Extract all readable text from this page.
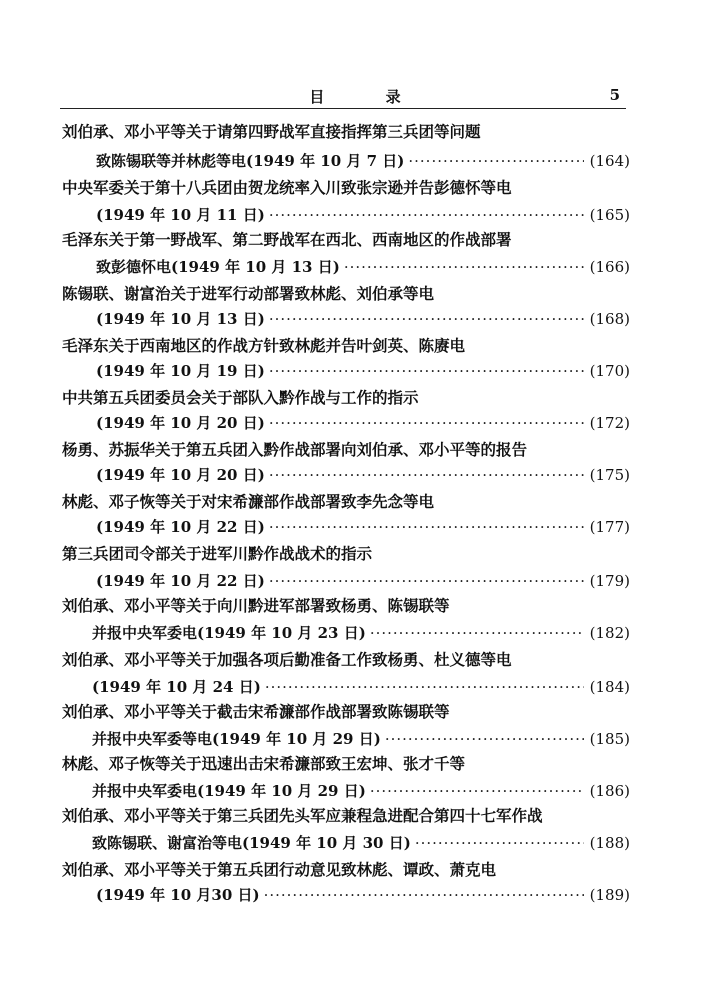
目 录	5
刘伯承、邓小平等关于请第四野战军直接指挥第三兵团等问题
致陈锡联等并林彪等电(1949 年 10 月 7 日) ·····	(164)
中央军委关于第十八兵团由贺龙统率入川致张宗逊并告彭德怀等电
(1949 年 10 月 11 日) ·····	(165)
毛泽东关于第一野战军、第二野战军在西北、西南地区的作战部署
致彭德怀电(1949 年 10 月 13 日) ·····	(166)
陈锡联、谢富治关于进军行动部署致林彪、刘伯承等电
(1949 年 10 月 13 日) ·····	(168)
毛泽东关于西南地区的作战方针致林彪并告叶剑英、陈赓电
(1949 年 10 月 19 日) ·····	(170)
中共第五兵团委员会关于部队入黔作战与工作的指示
(1949 年 10 月 20 日) ·····	(172)
杨勇、苏振华关于第五兵团入黔作战部署向刘伯承、邓小平等的报告
(1949 年 10 月 20 日) ·····	(175)
林彪、邓子恢等关于对宋希濂部作战部署致李先念等电
(1949 年 10 月 22 日) ·····	(177)
第三兵团司令部关于进军川黔作战战术的指示
(1949 年 10 月 22 日) ·····	(179)
刘伯承、邓小平等关于向川黔进军部署致杨勇、陈锡联等
并报中央军委电(1949 年 10 月 23 日) ·····	(182)
刘伯承、邓小平等关于加强各项后勤准备工作致杨勇、杜义德等电
(1949 年 10 月 24 日) ·····	(184)
刘伯承、邓小平等关于截击宋希濂部作战部署致陈锡联等
并报中央军委等电(1949 年 10 月 29 日) ·····	(185)
林彪、邓子恢等关于迅速出击宋希濂部致王宏坤、张才千等
并报中央军委电(1949 年 10 月 29 日) ·····	(186)
刘伯承、邓小平等关于第三兵团先头军应兼程急进配合第四十七军作战
致陈锡联、谢富治等电(1949 年 10 月 30 日) ·····	(188)
刘伯承、邓小平等关于第五兵团行动意见致林彪、谭政、萧克电
(1949 年 10 月30 日) ·····	(189)
